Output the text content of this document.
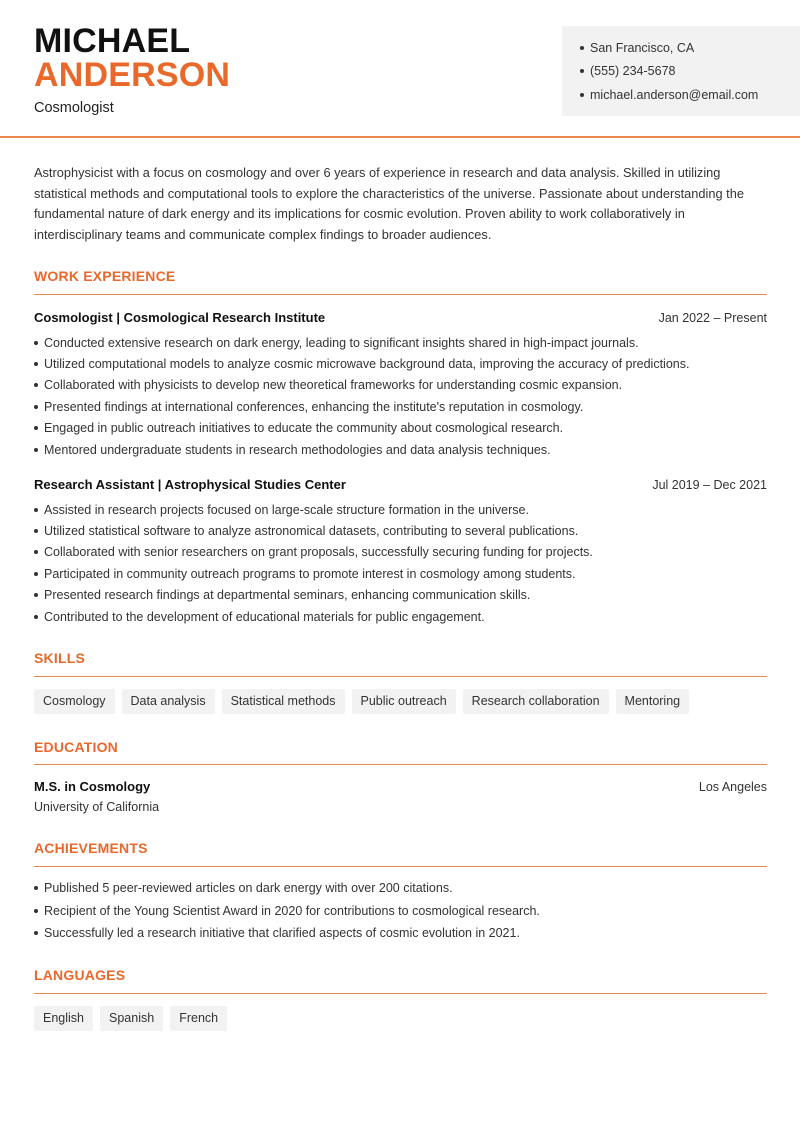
MICHAEL
ANDERSON
Cosmologist
San Francisco, CA
(555) 234-5678
michael.anderson@email.com
Astrophysicist with a focus on cosmology and over 6 years of experience in research and data analysis. Skilled in utilizing statistical methods and computational tools to explore the characteristics of the universe. Passionate about understanding the fundamental nature of dark energy and its implications for cosmic evolution. Proven ability to work collaboratively in interdisciplinary teams and communicate complex findings to broader audiences.
WORK EXPERIENCE
Cosmologist | Cosmological Research Institute	Jan 2022 – Present
Conducted extensive research on dark energy, leading to significant insights shared in high-impact journals.
Utilized computational models to analyze cosmic microwave background data, improving the accuracy of predictions.
Collaborated with physicists to develop new theoretical frameworks for understanding cosmic expansion.
Presented findings at international conferences, enhancing the institute's reputation in cosmology.
Engaged in public outreach initiatives to educate the community about cosmological research.
Mentored undergraduate students in research methodologies and data analysis techniques.
Research Assistant | Astrophysical Studies Center	Jul 2019 – Dec 2021
Assisted in research projects focused on large-scale structure formation in the universe.
Utilized statistical software to analyze astronomical datasets, contributing to several publications.
Collaborated with senior researchers on grant proposals, successfully securing funding for projects.
Participated in community outreach programs to promote interest in cosmology among students.
Presented research findings at departmental seminars, enhancing communication skills.
Contributed to the development of educational materials for public engagement.
SKILLS
Cosmology	Data analysis	Statistical methods	Public outreach	Research collaboration	Mentoring
EDUCATION
M.S. in Cosmology	Los Angeles
University of California
ACHIEVEMENTS
Published 5 peer-reviewed articles on dark energy with over 200 citations.
Recipient of the Young Scientist Award in 2020 for contributions to cosmological research.
Successfully led a research initiative that clarified aspects of cosmic evolution in 2021.
LANGUAGES
English	Spanish	French
